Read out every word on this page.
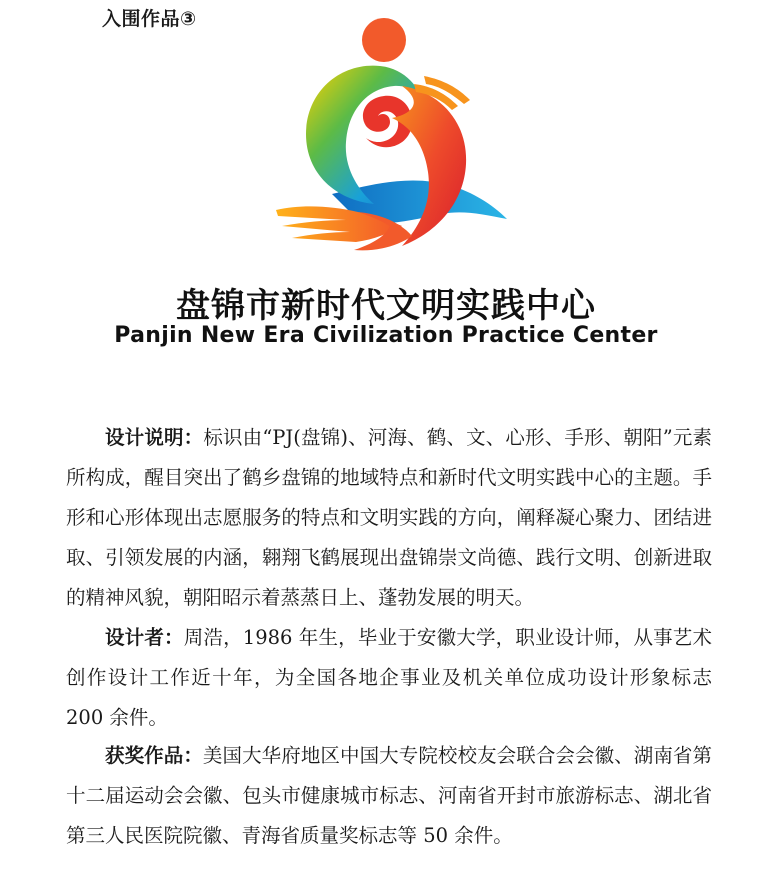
入围作品③
盘锦市新时代文明实践中心
Panjin New Era Civilization Practice Center
设计说明：标识由“PJ(盘锦)、河海、鹤、文、心形、手形、朝阳”元素所构成，醒目突出了鹤乡盘锦的地域特点和新时代文明实践中心的主题。手形和心形体现出志愿服务的特点和文明实践的方向，阐释凝心聚力、团结进取、引领发展的内涵，翱翔飞鹤展现出盘锦崇文尚德、践行文明、创新进取的精神风貌，朝阳昭示着蒸蒸日上、蓬勃发展的明天。
设计者：周浩，1986 年生，毕业于安徽大学，职业设计师，从事艺术创作设计工作近十年，为全国各地企事业及机关单位成功设计形象标志 200 余件。
获奖作品：美国大华府地区中国大专院校校友会联合会会徽、湖南省第十二届运动会会徽、包头市健康城市标志、河南省开封市旅游标志、湖北省第三人民医院院徽、青海省质量奖标志等 50 余件。
